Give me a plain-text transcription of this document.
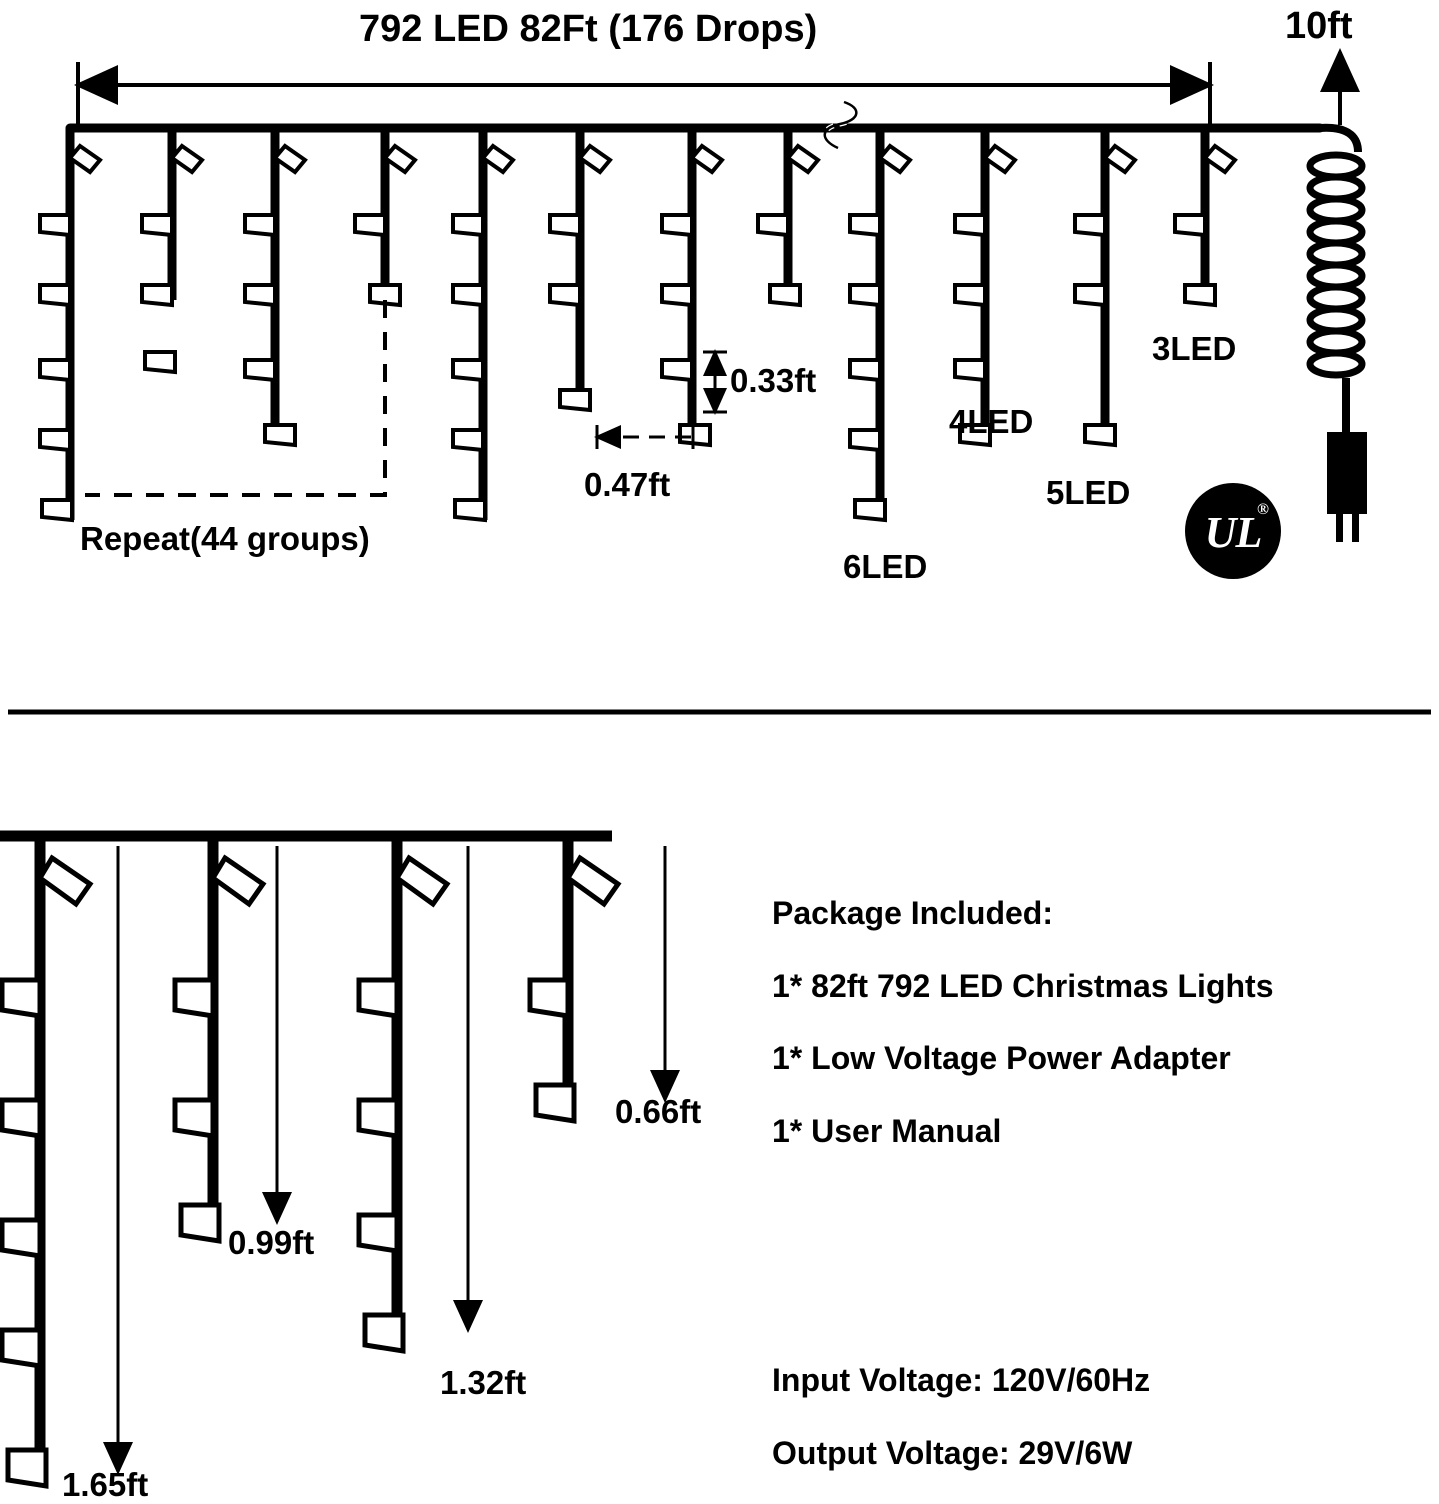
792 LED 82Ft (176 Drops)	10ft
3LED
4LED
5LED
6LED
0.33ft
0.47ft
Repeat(44 groups)	UL
®
0.66ft
0.99ft
1.32ft
1.65ft
Package Included:
1* 82ft 792 LED Christmas Lights
1* Low Voltage Power Adapter
1* User Manual
Input Voltage: 120V/60Hz
Output Voltage: 29V/6W
